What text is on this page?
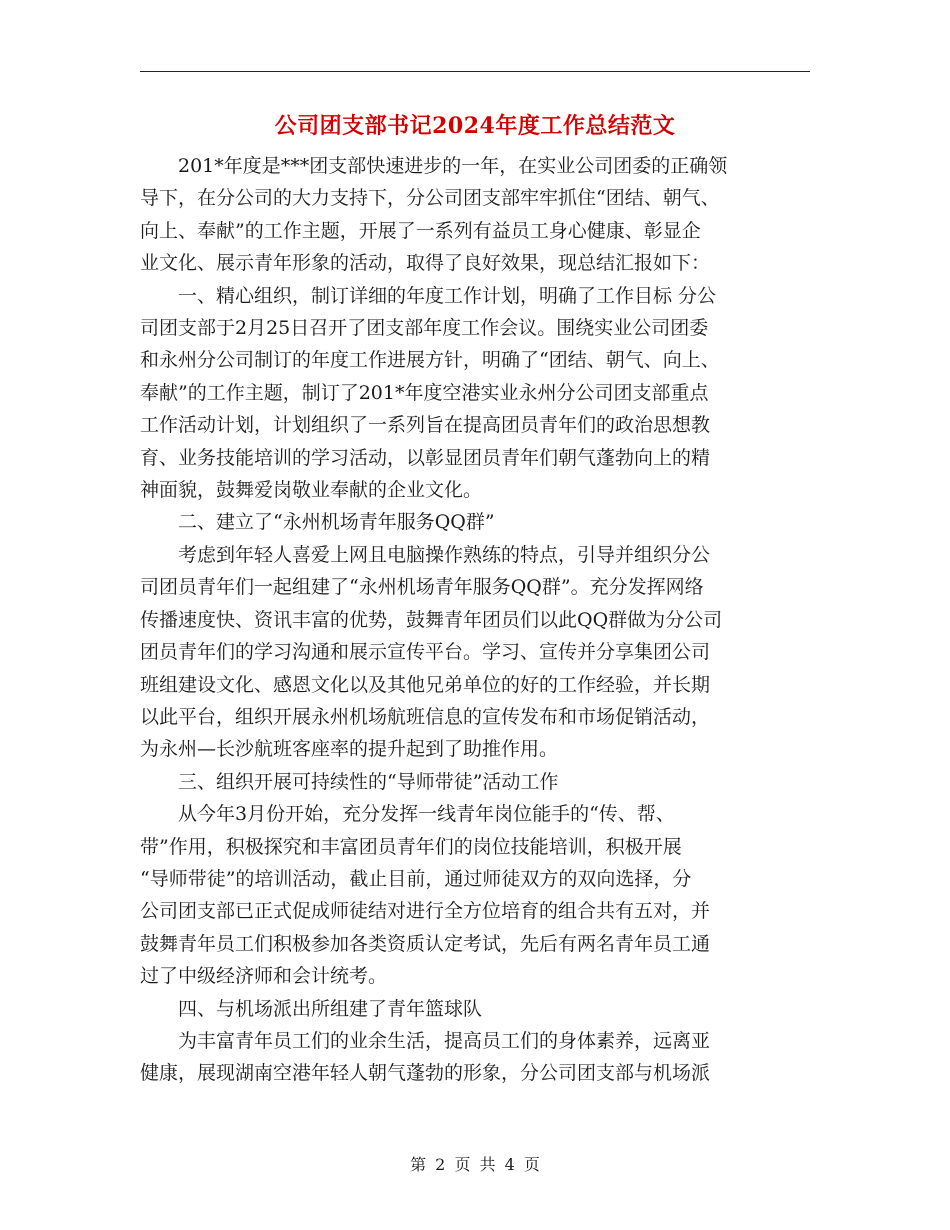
公司团支部书记2024年度工作总结范文

201*年度是***团支部快速进步的一年，在实业公司团委的正确领
导下，在分公司的大力支持下，分公司团支部牢牢抓住“团结、朝气、
向上、奉献”的工作主题，开展了一系列有益员工身心健康、彰显企
业文化、展示青年形象的活动，取得了良好效果，现总结汇报如下：

一、精心组织，制订详细的年度工作计划，明确了工作目标 分公
司团支部于2月25日召开了团支部年度工作会议。围绕实业公司团委
和永州分公司制订的年度工作进展方针，明确了“团结、朝气、向上、
奉献”的工作主题，制订了201*年度空港实业永州分公司团支部重点
工作活动计划，计划组织了一系列旨在提高团员青年们的政治思想教
育、业务技能培训的学习活动，以彰显团员青年们朝气蓬勃向上的精
神面貌，鼓舞爱岗敬业奉献的企业文化。

二、建立了“永州机场青年服务QQ群”

考虑到年轻人喜爱上网且电脑操作熟练的特点，引导并组织分公
司团员青年们一起组建了“永州机场青年服务QQ群”。充分发挥网络
传播速度快、资讯丰富的优势，鼓舞青年团员们以此QQ群做为分公司
团员青年们的学习沟通和展示宣传平台。学习、宣传并分享集团公司
班组建设文化、感恩文化以及其他兄弟单位的好的工作经验，并长期
以此平台，组织开展永州机场航班信息的宣传发布和市场促销活动，
为永州—长沙航班客座率的提升起到了助推作用。

三、组织开展可持续性的“导师带徒”活动工作

从今年3月份开始，充分发挥一线青年岗位能手的“传、帮、
带”作用，积极探究和丰富团员青年们的岗位技能培训，积极开展
“导师带徒”的培训活动，截止目前，通过师徒双方的双向选择，分
公司团支部已正式促成师徒结对进行全方位培育的组合共有五对，并
鼓舞青年员工们积极参加各类资质认定考试，先后有两名青年员工通
过了中级经济师和会计统考。

四、与机场派出所组建了青年篮球队

为丰富青年员工们的业余生活，提高员工们的身体素养，远离亚
健康，展现湖南空港年轻人朝气蓬勃的形象，分公司团支部与机场派

第 2 页 共 4 页
